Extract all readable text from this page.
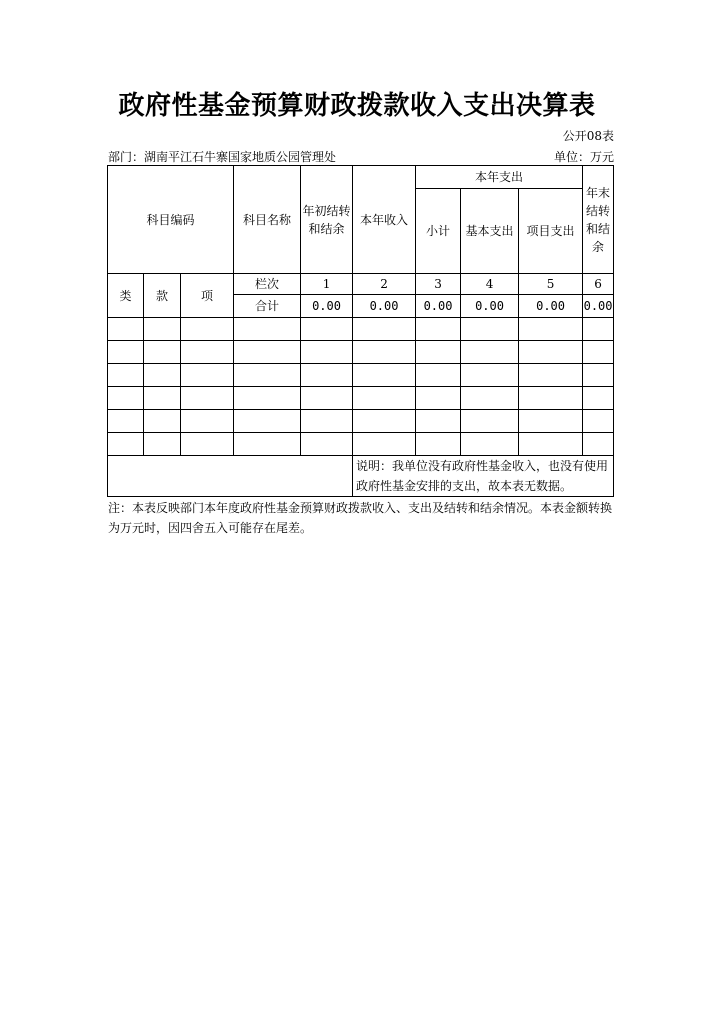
政府性基金预算财政拨款收入支出决算表
公开08表
部门：湖南平江石牛寨国家地质公园管理处	单位：万元
科目编码			科目名称	年初结转和结余	本年收入	本年支出			年末结转和结余
						小计	基本支出	项目支出	
类	款	项	栏次	1	2	3	4	5	6
			合计	0.00	0.00	0.00	0.00	0.00	0.00

					说明：我单位没有政府性基金收入，也没有使用政府性基金安排的支出，故本表无数据。				
注：本表反映部门本年度政府性基金预算财政拨款收入、支出及结转和结余情况。本表金额转换为万元时，因四舍五入可能存在尾差。
